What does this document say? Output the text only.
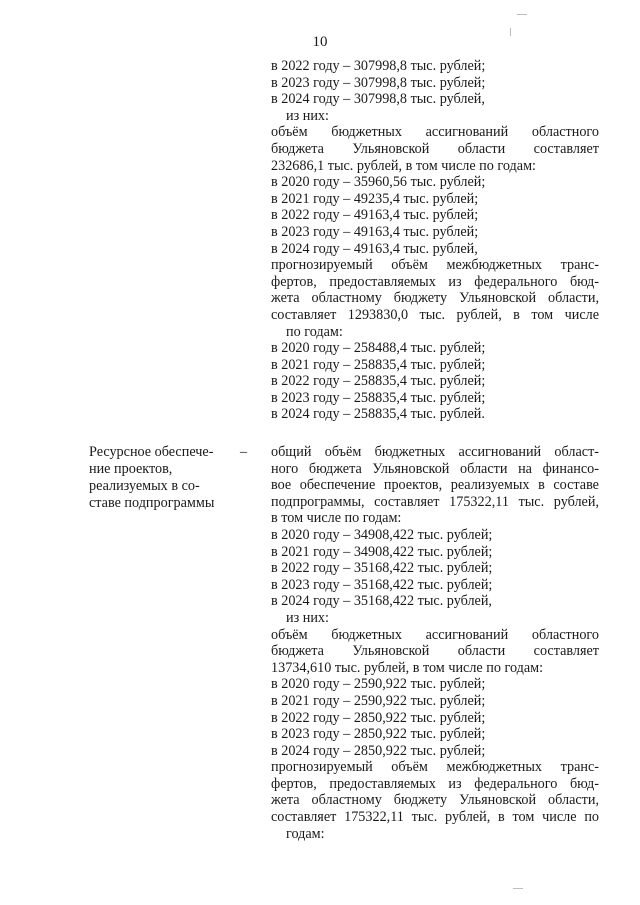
10
в 2022 году – 307998,8 тыс. рублей;
в 2023 году – 307998,8 тыс. рублей;
в 2024 году – 307998,8 тыс. рублей,
из них:
объём бюджетных ассигнований областного
бюджета Ульяновской области составляет
232686,1 тыс. рублей, в том числе по годам:
в 2020 году – 35960,56 тыс. рублей;
в 2021 году – 49235,4 тыс. рублей;
в 2022 году – 49163,4 тыс. рублей;
в 2023 году – 49163,4 тыс. рублей;
в 2024 году – 49163,4 тыс. рублей,
прогнозируемый объём межбюджетных транс-
фертов, предоставляемых из федерального бюд-
жета областному бюджету Ульяновской области,
составляет 1293830,0 тыс. рублей, в том числе
по годам:
в 2020 году – 258488,4 тыс. рублей;
в 2021 году – 258835,4 тыс. рублей;
в 2022 году – 258835,4 тыс. рублей;
в 2023 году – 258835,4 тыс. рублей;
в 2024 году – 258835,4 тыс. рублей.
Ресурсное обеспече-
ние проектов,
реализуемых в со-
ставе подпрограммы
– общий объём бюджетных ассигнований област-
ного бюджета Ульяновской области на финансо-
вое обеспечение проектов, реализуемых в составе
подпрограммы, составляет 175322,11 тыс. рублей,
в том числе по годам:
в 2020 году – 34908,422 тыс. рублей;
в 2021 году – 34908,422 тыс. рублей;
в 2022 году – 35168,422 тыс. рублей;
в 2023 году – 35168,422 тыс. рублей;
в 2024 году – 35168,422 тыс. рублей,
из них:
объём бюджетных ассигнований областного
бюджета Ульяновской области составляет
13734,610 тыс. рублей, в том числе по годам:
в 2020 году – 2590,922 тыс. рублей;
в 2021 году – 2590,922 тыс. рублей;
в 2022 году – 2850,922 тыс. рублей;
в 2023 году – 2850,922 тыс. рублей;
в 2024 году – 2850,922 тыс. рублей;
прогнозируемый объём межбюджетных транс-
фертов, предоставляемых из федерального бюд-
жета областному бюджету Ульяновской области,
составляет 175322,11 тыс. рублей, в том числе по
годам:
